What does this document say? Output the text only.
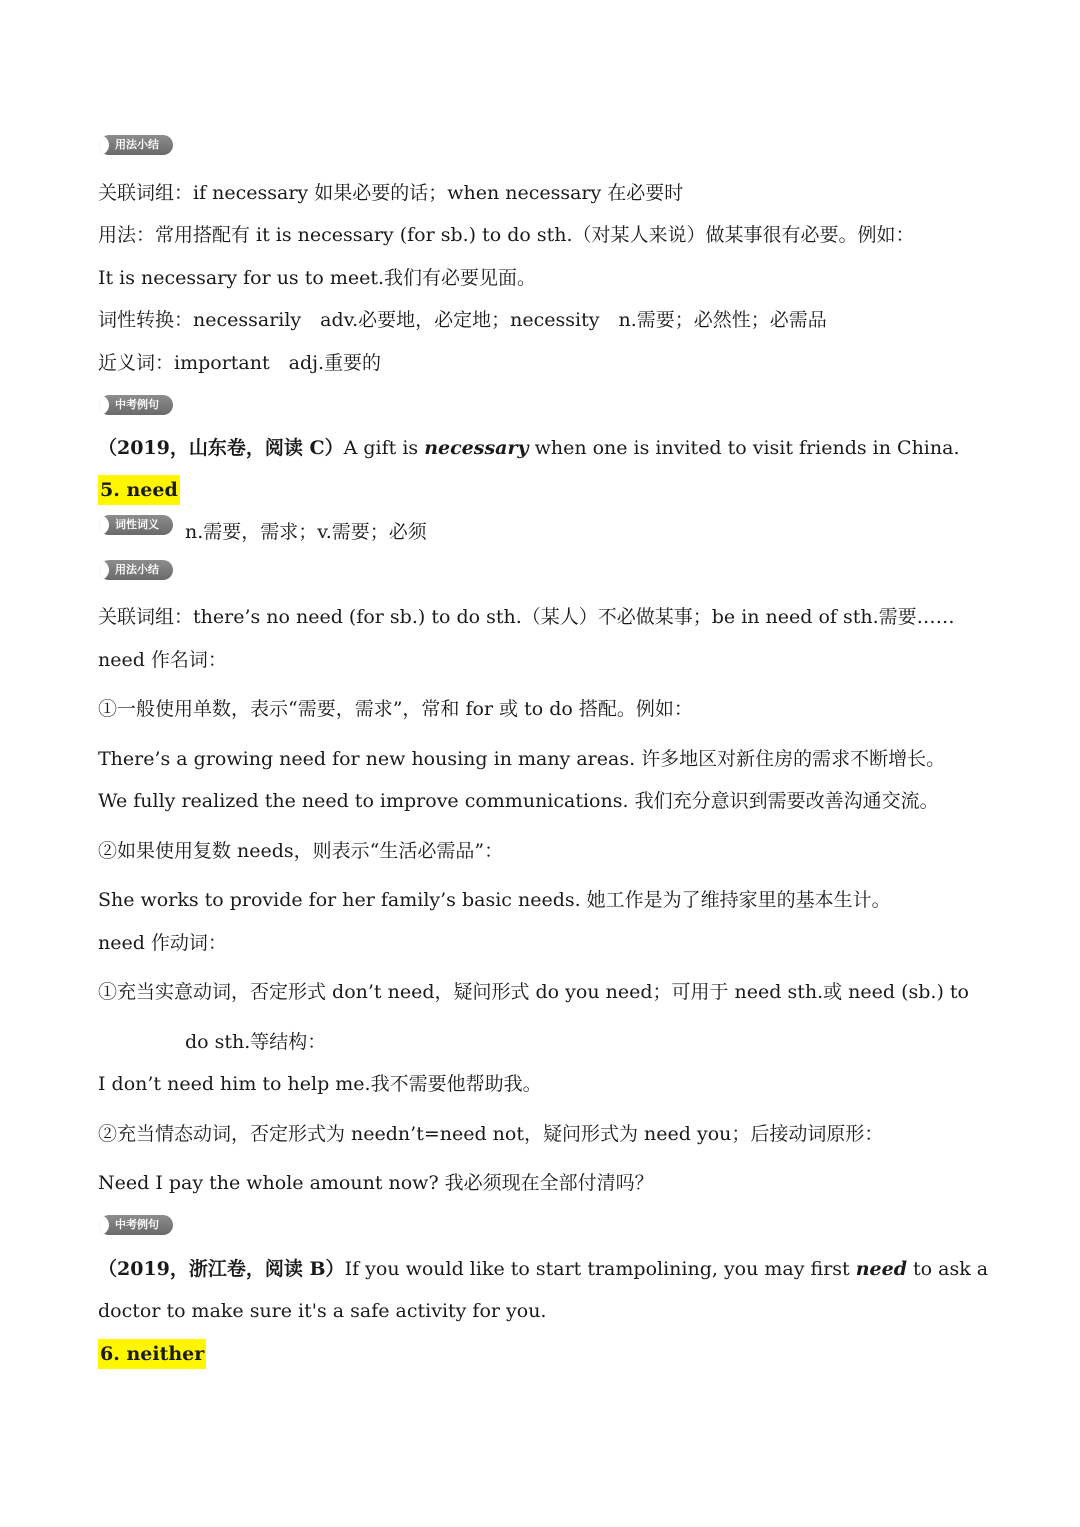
用法小结
关联词组：if necessary 如果必要的话；when necessary 在必要时
用法：常用搭配有 it is necessary (for sb.) to do sth.（对某人来说）做某事很有必要。例如：
It is necessary for us to meet.我们有必要见面。
词性转换：necessarily　adv.必要地，必定地；necessity　n.需要；必然性；必需品
近义词：important　adj.重要的
中考例句
（2019，山东卷，阅读 C）A gift is necessary when one is invited to visit friends in China.
5. need
词性词义	n.需要，需求；v.需要；必须
用法小结
关联词组：there’s no need (for sb.) to do sth.（某人）不必做某事；be in need of sth.需要……
need 作名词：
①一般使用单数，表示“需要，需求”，常和 for 或 to do 搭配。例如：
There’s a growing need for new housing in many areas. 许多地区对新住房的需求不断增长。
We fully realized the need to improve communications. 我们充分意识到需要改善沟通交流。
②如果使用复数 needs，则表示“生活必需品”：
She works to provide for her family’s basic needs. 她工作是为了维持家里的基本生计。
need 作动词：
①充当实意动词，否定形式 don’t need，疑问形式 do you need；可用于 need sth.或 need (sb.) to
do sth.等结构：
I don’t need him to help me.我不需要他帮助我。
②充当情态动词，否定形式为 needn’t=need not，疑问形式为 need you；后接动词原形：
Need I pay the whole amount now? 我必须现在全部付清吗？
中考例句
（2019，浙江卷，阅读 B）If you would like to start trampolining, you may first need to ask a doctor to make sure it's a safe activity for you.
6. neither
